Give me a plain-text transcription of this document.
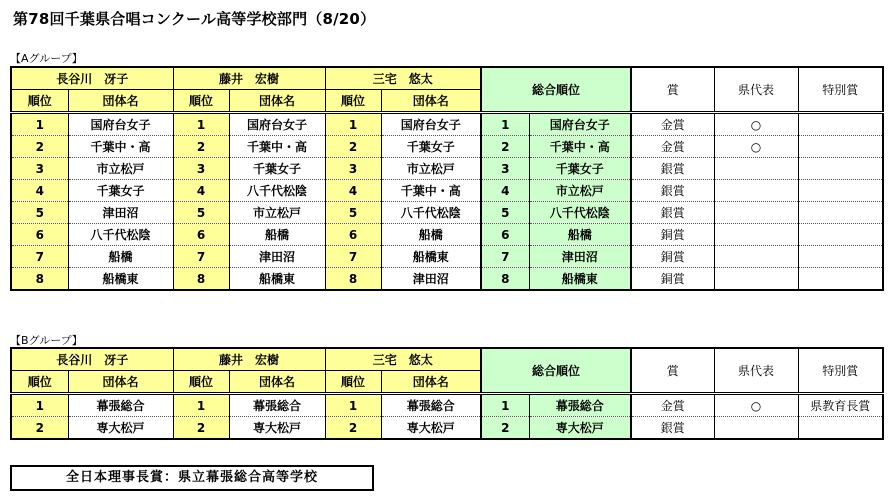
第78回千葉県合唱コンクール高等学校部門（8/20）
【Aグループ】
長谷川　冴子		藤井　宏樹		三宅　悠太		総合順位		賞	県代表	特別賞
順位	団体名	順位	団体名	順位	団体名					
1	国府台女子	1	国府台女子	1	国府台女子	1	国府台女子	金賞	○	
2	千葉中・高	2	千葉中・高	2	千葉女子	2	千葉中・高	金賞	○	
3	市立松戸	3	千葉女子	3	市立松戸	3	千葉女子	銀賞		
4	千葉女子	4	八千代松陰	4	千葉中・高	4	市立松戸	銀賞		
5	津田沼	5	市立松戸	5	八千代松陰	5	八千代松陰	銀賞		
6	八千代松陰	6	船橋	6	船橋	6	船橋	銅賞		
7	船橋	7	津田沼	7	船橋東	7	津田沼	銅賞		
8	船橋東	8	船橋東	8	津田沼	8	船橋東	銅賞		
【Bグループ】
長谷川　冴子		藤井　宏樹		三宅　悠太		総合順位		賞	県代表	特別賞
順位	団体名	順位	団体名	順位	団体名					
1	幕張総合	1	幕張総合	1	幕張総合	1	幕張総合	金賞	○	県教育長賞
2	専大松戸	2	専大松戸	2	専大松戸	2	専大松戸	銀賞		
全日本理事長賞：県立幕張総合高等学校
